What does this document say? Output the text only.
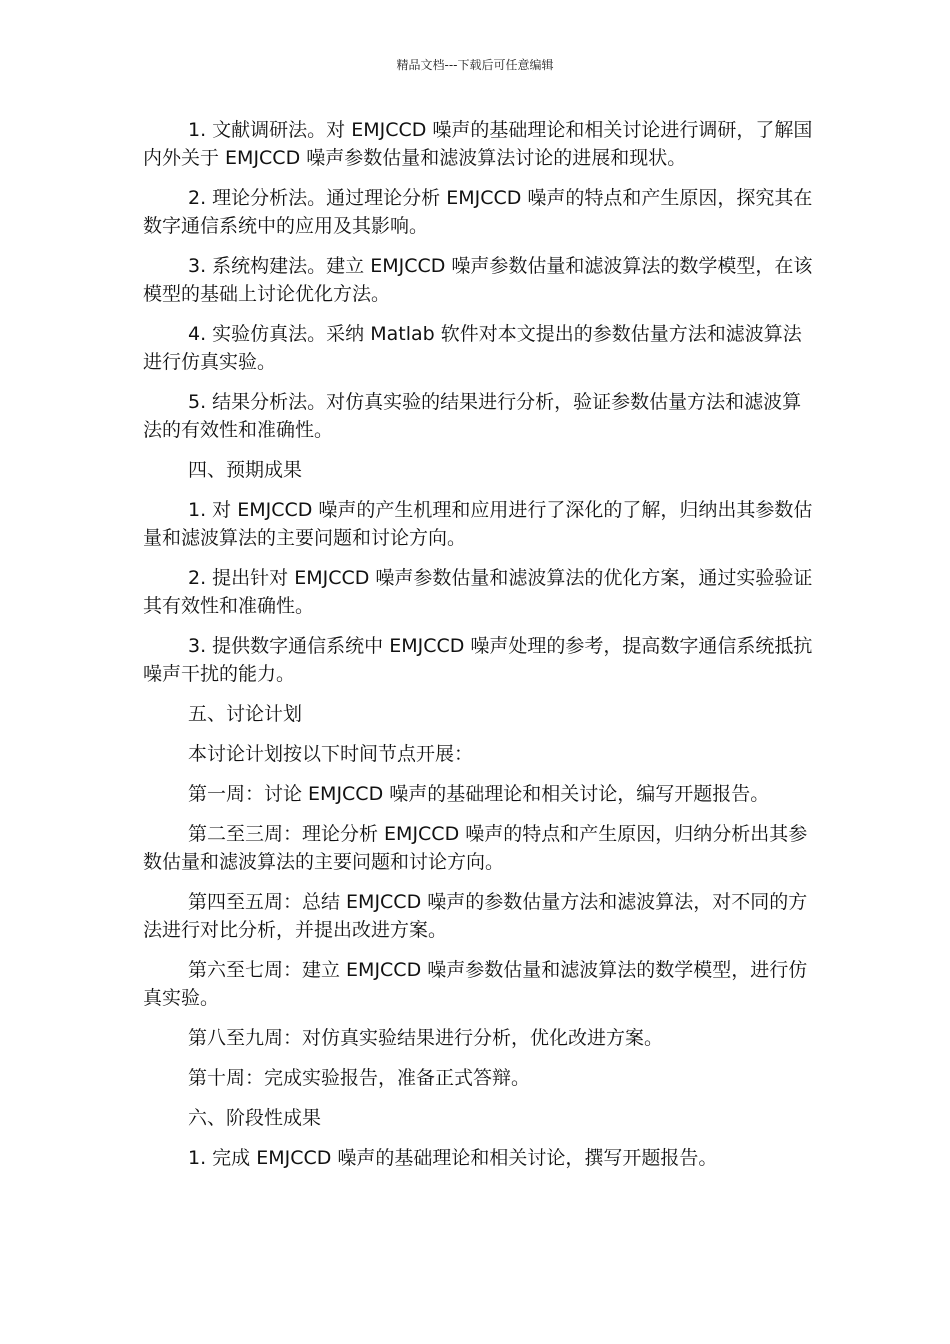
精品文档---下载后可任意编辑

1. 文献调研法。对 EMJCCD 噪声的基础理论和相关讨论进行调研，了解国内外关于 EMJCCD 噪声参数估量和滤波算法讨论的进展和现状。

2. 理论分析法。通过理论分析 EMJCCD 噪声的特点和产生原因，探究其在数字通信系统中的应用及其影响。

3. 系统构建法。建立 EMJCCD 噪声参数估量和滤波算法的数学模型，在该模型的基础上讨论优化方法。

4. 实验仿真法。采纳 Matlab 软件对本文提出的参数估量方法和滤波算法进行仿真实验。

5. 结果分析法。对仿真实验的结果进行分析，验证参数估量方法和滤波算法的有效性和准确性。

四、预期成果

1. 对 EMJCCD 噪声的产生机理和应用进行了深化的了解，归纳出其参数估量和滤波算法的主要问题和讨论方向。

2. 提出针对 EMJCCD 噪声参数估量和滤波算法的优化方案，通过实验验证其有效性和准确性。

3. 提供数字通信系统中 EMJCCD 噪声处理的参考，提高数字通信系统抵抗噪声干扰的能力。

五、讨论计划

本讨论计划按以下时间节点开展：

第一周：讨论 EMJCCD 噪声的基础理论和相关讨论，编写开题报告。

第二至三周：理论分析 EMJCCD 噪声的特点和产生原因，归纳分析出其参数估量和滤波算法的主要问题和讨论方向。

第四至五周：总结 EMJCCD 噪声的参数估量方法和滤波算法，对不同的方法进行对比分析，并提出改进方案。

第六至七周：建立 EMJCCD 噪声参数估量和滤波算法的数学模型，进行仿真实验。

第八至九周：对仿真实验结果进行分析，优化改进方案。

第十周：完成实验报告，准备正式答辩。

六、阶段性成果

1. 完成 EMJCCD 噪声的基础理论和相关讨论，撰写开题报告。
